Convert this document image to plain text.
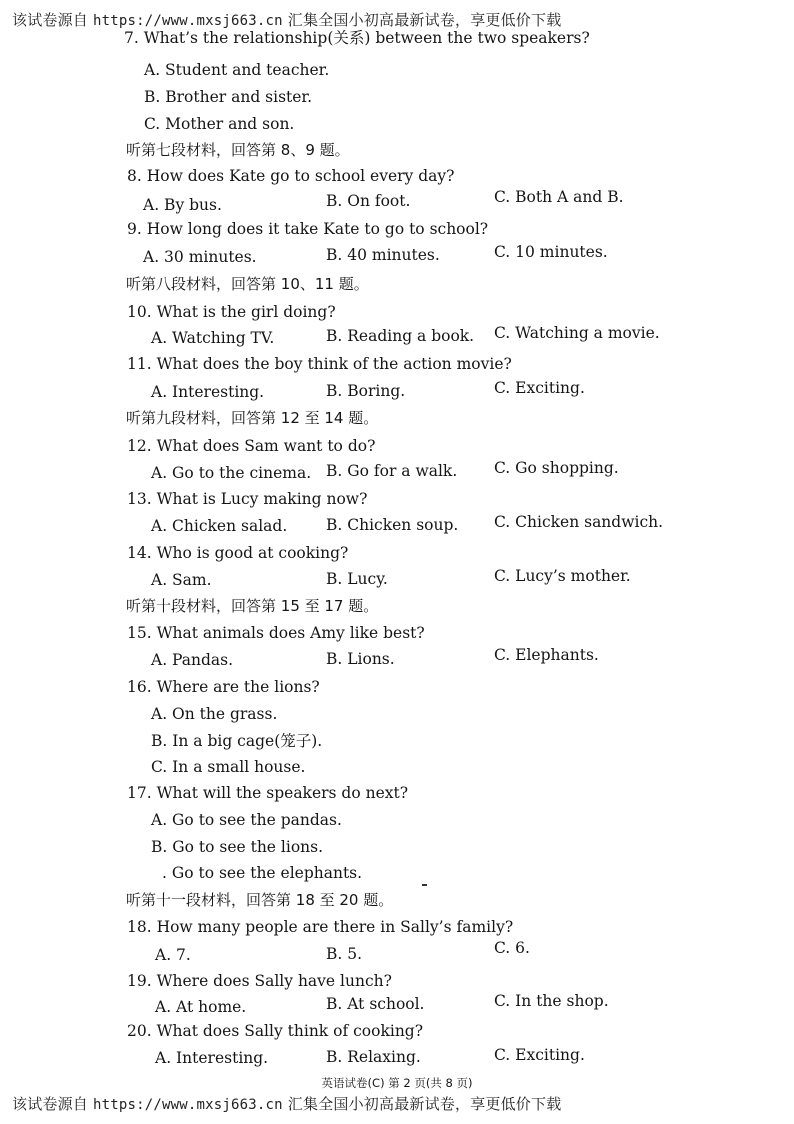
该试卷源自 https://www.mxsj663.cn 汇集全国小初高最新试卷，享更低价下载
7. What’s the relationship(关系) between the two speakers?
A. Student and teacher.
B. Brother and sister.
C. Mother and son.
听第七段材料，回答第 8、9 题。
8. How does Kate go to school every day?
A. By bus.	B. On foot.	C. Both A and B.
9. How long does it take Kate to go to school?
A. 30 minutes.	B. 40 minutes.	C. 10 minutes.
听第八段材料，回答第 10、11 题。
10. What is the girl doing?
A. Watching TV.	B. Reading a book. C. Watching a movie.
11. What does the boy think of the action movie?
A. Interesting.	B. Boring.	C. Exciting.
听第九段材料，回答第 12 至 14 题。
12. What does Sam want to do?
A. Go to the cinema. B. Go for a walk. C. Go shopping.
13. What is Lucy making now?
A. Chicken salad.	B. Chicken soup. C. Chicken sandwich.
14. Who is good at cooking?
A. Sam.	B. Lucy.	C. Lucy’s mother.
听第十段材料，回答第 15 至 17 题。
15. What animals does Amy like best?
A. Pandas.	B. Lions.	C. Elephants.
16. Where are the lions?
A. On the grass.
B. In a big cage(笼子).
C. In a small house.
17. What will the speakers do next?
A. Go to see the pandas.
B. Go to see the lions.
. Go to see the elephants.
听第十一段材料，回答第 18 至 20 题。
18. How many people are there in Sally’s family?
A. 7.	B. 5.	C. 6.
19. Where does Sally have lunch?
A. At home.	B. At school.	C. In the shop.
20. What does Sally think of cooking?
A. Interesting.	B. Relaxing.	C. Exciting.
英语试卷(C) 第 2 页(共 8 页)
该试卷源自 https://www.mxsj663.cn 汇集全国小初高最新试卷，享更低价下载
